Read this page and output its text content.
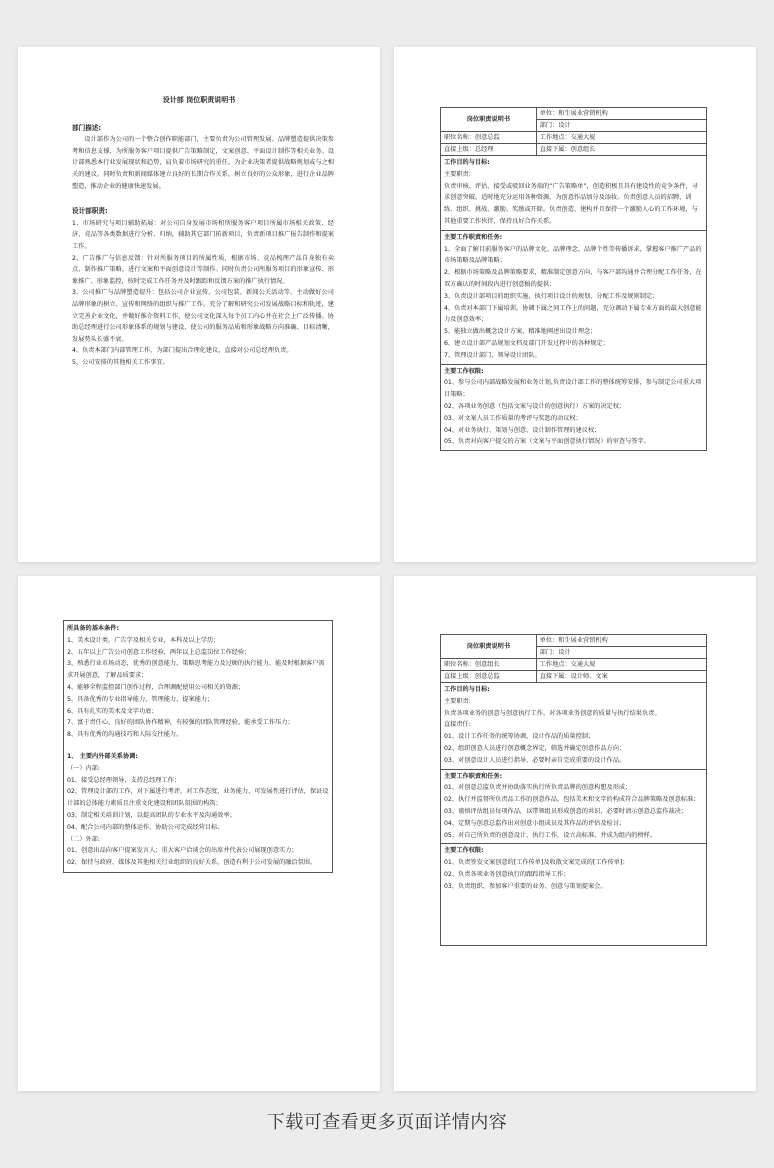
设计部 岗位职责说明书
部门描述:

设计部作为公司的一个整合创作职能部门，主要负责为公司管理发展、品牌塑造提供决策参考和信息支撑，为所服务客户项目提供广告策略制定，文案创意、平面设计制作等相关业务。设计部熟悉本行业发展现状和趋势，肩负着市场研究的重任，为企业决策者提供战略规划或与之相关的建议。同时负责和新闻媒体建立良好的长期合作关系，树立良好的公众形象，进行企业品牌塑造，推动企业的健康快速发展。

设计部职责:

1、市场研究与项目辅助拓展：对公司自身发展市场和所服务客户项目所属市场相关政策、经济、竞品等各类数据进行分析、归纳，辅助其它部门拓新项目，负责新项目推广报告制作和提案工作。

2、广告推广与信息反馈：针对所服务项目的所属性质，根据市场、竞品梳理产品自身独有卖点，制作推广策略，进行文案和平面创意设计等制作。同时负责公司所服务项目的形象宣传、形象推广、形象监控，按时完成工作任务并及时跟踪和反馈方案的推广执行情况。

3、公司推广与品牌塑造提升：包括公司企业宣传、公司包装、新闻公关活动等，主动做好公司品牌形象的树立、宣传和网络的组织与推广工作。充分了解和研究公司发展战略目标和轨迹，建立完善企业文化，并做好推介资料工作，使公司文化深入每个员工内心并在社会上广泛传播。协助总经理进行公司形象体系的规划与建设，使公司的服务品质和形象战略方向准确、目标清晰，发展势头长盛不衰。

4、负责本部门内部管理工作，为部门提出合理化建议，直接对公司总经理负责。

5、公司安排的其他相关工作事宜。

岗位职责说明书	单位：和生展业营销机构
	部门：设计
职位名称：创意总监	工作地点：交通大厦
直接上级：总经理	直接下属：创意组长
工作目的与目标:
主要职责:
负责审核、评估、接受或驳回业务端的“广告策略单”，创造积极且具有建设性的竞争条件，寻求创意突破。适时地充分运用各种资源，为创意作品加分及添妆。负责创意人员的招聘、训练、组织、挑战、激励、奖励或开除。负责创造、建构并且保持一个激励人心的工作环境，与其他重要工作伙伴，保持良好合作关系。
主要工作职责和任务:
1、全面了解目前服务客户的品牌文化、品牌理念、品牌个性等传播诉求，掌握客户推广产品的市场策略及品牌策略；
2、根据市场策略及品牌策略要求，精准制定创意方向，与客户部沟通并合理分配工作任务，在双方确认的时间段内进行创意稿的提供；
3、负责设计部项目的组织实施，执行项目设计的规划、分配工作及规则制定；
4、负责对本部门下属培训，协调下属之间工作上的问题，充分调动下属专业方面的最大创意能力及创意效率；
5、能独立做出概念设计方案，精准地阐述出设计理念；
6、建立设计部产品规划文档及部门开发过程中的各种规定；
7、管理设计部门，领导设计团队。
主要工作权限:
01、参与公司内部战略发展和业务计划,负责设计部工作的整体统筹安排，参与制定公司重大项目策略；
02、各项业务创意（包括文案与设计的创意执行）方案的决定权；
03、对文案人员工作质量的考评与奖惩的动议权；
04、对业务执行、策划与创意、设计制作管理的建议权；
05、负责对向客户提交的方案（文案与平面创意执行情况）的审查与签字。
所具备的基本条件:
1、美术设计类、广告学及相关专业，本科及以上学历；
2、五年以上广告公司创意工作经验，两年以上总监岗位工作经验；
3、熟悉行业市场动态，优秀的创意能力，策略思考能力及过硬的执行能力、能及时根据客户需求开展创意，了解品质要求；
4、能够全程监控部门创作过程，合理调配使用公司相关的资源；
5、具备优秀的专业指导能力、管理能力、提案能力；
6、具有扎实的美术及文字功底；
7、富于责任心，良好的团队协作精神，有较强的团队管理经验，能承受工作压力；
8、具有优秀的沟通技巧和人际交往能力。
1、 主要内外部关系协调:
（一）内部:
01、接受总经理领导，支持总经理工作；
02、管理设计部的工作，对下属进行考评。对工作态度、业务能力、可发展性进行评估，保证设计部的总体能力素质且注重文化建设和团队氛围的构筑；
03、制定相关培训计划，以提高团队的专业水平及沟通效率；
04、配合公司内部的整体运作，协助公司完成经营目标。
（二）外部:
01、创意出品向客户提案发言人；重大客户洽谈会的出席并代表公司展现创意实力；
02、保持与政府、媒体及其他相关行业组织的良好关系，创造有利于公司发展的融洽氛围。
岗位职责说明书	单位：和生展业营销机构
	部门：设计
职位名称：创意组长	工作地点：交通大厦
直接上级：创意总监	直接下属：设计师、文案
工作目的与目标:
主要职责:
负责各项业务的创意与创意执行工作，对各项业务创意的质量与执行结果负责。
直接责任:
01、设计工作任务的统筹协调，设计作品的质量控制；
02、组织创意人员进行创意概念界定，筛选并确定创意作品方向；
03、对创意设计人员进行指导，必要时亲自完成重要的设计作品。
主要工作职责和任务:
01、对创意总监负责并协助落实执行所负责品牌的创意构想及形成；
02、执行并监督所负责品工作的创意作品，包括美术和文字的构成符合品牌策略及创意标准；
03、谨慎评估组员每项作品，以带领组员形成创意的共识，必要时请示创意总监作裁决；
04、定期与创意总监作出对创意小组成员及其作品的评估及检讨；
05、对自己所负责的创意设计、执行工作，设立高标准，并成为组内的榜样。
主要工作权限:
01、负责签发文案创意的[工作传单]及收散文案完成的[工作传单]；
02、负责各项业务创意执行的跟踪指导工作；
03、负责组织、参加客户重要的业务、创意与策划提案会。
下载可查看更多页面详情内容
